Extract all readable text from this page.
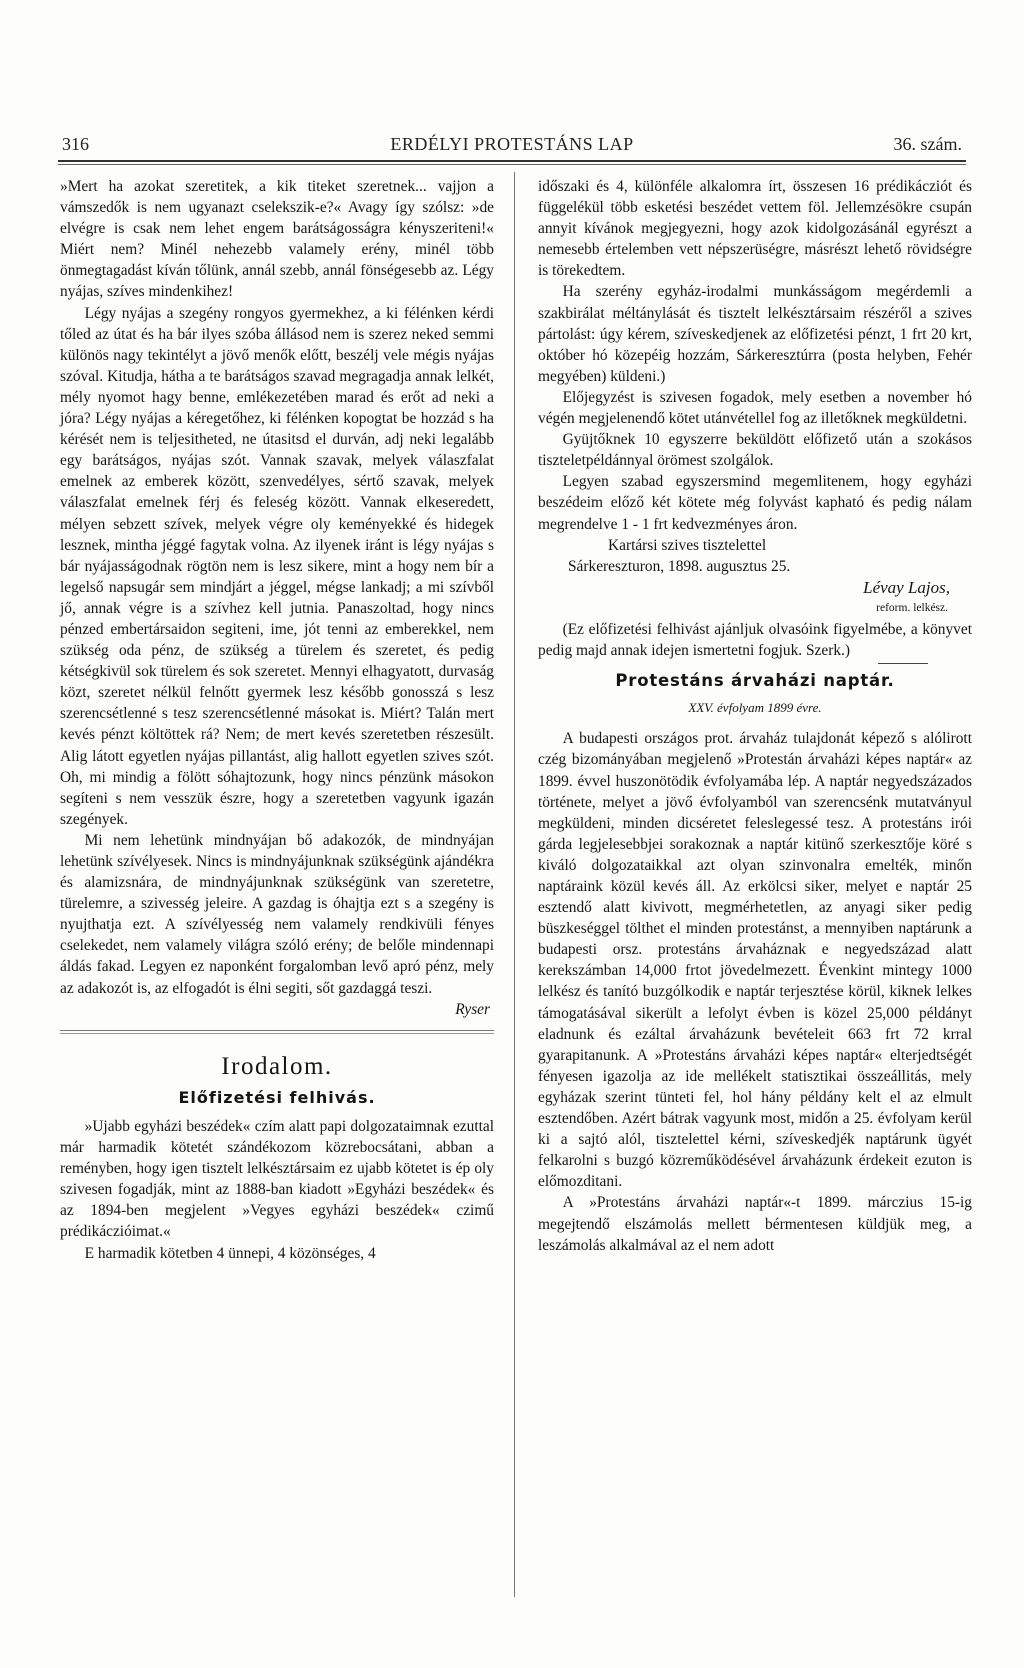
316	ERDÉLYI PROTESTÁNS LAP	36. szám.

»Mert ha azokat szeretitek, a kik titeket szeretnek... vajjon a vámszedők is nem ugyanazt cselekszik-e?« Avagy így szólsz: »de elvégre is csak nem lehet engem barátságosságra kényszeriteni!« Miért nem? Minél nehezebb valamely erény, minél több önmegtagadást kíván tőlünk, annál szebb, annál fönségesebb az. Légy nyájas, szíves mindenkihez!

Légy nyájas a szegény rongyos gyermekhez, a ki félénken kérdi tőled az útat és ha bár ilyes szóba állásod nem is szerez neked semmi különös nagy tekintélyt a jövő menők előtt, beszélj vele mégis nyájas szóval. Kitudja, hátha a te barátságos szavad megragadja annak lelkét, mély nyomot hagy benne, emlékezetében marad és erőt ad neki a jóra? Légy nyájas a kéregetőhez, ki félénken kopogtat be hozzád s ha kérését nem is teljesitheted, ne útasitsd el durván, adj neki legalább egy barátságos, nyájas szót. Vannak szavak, melyek válaszfalat emelnek az emberek között, szenvedélyes, sértő szavak, melyek válaszfalat emelnek férj és feleség között. Vannak elkeseredett, mélyen sebzett szívek, melyek végre oly keményekké és hidegek lesznek, mintha jéggé fagytak volna. Az ilyenek iránt is légy nyájas s bár nyájasságodnak rögtön nem is lesz sikere, mint a hogy nem bír a legelső napsugár sem mindjárt a jéggel, mégse lankadj; a mi szívből jő, annak végre is a szívhez kell jutnia. Panaszoltad, hogy nincs pénzed embertársaidon segiteni, ime, jót tenni az emberekkel, nem szükség oda pénz, de szükség a türelem és szeretet, és pedig kétségkivül sok türelem és sok szeretet. Mennyi elhagyatott, durvaság közt, szeretet nélkül felnőtt gyermek lesz később gonosszá s lesz szerencsétlenné s tesz szerencsétlenné másokat is. Miért? Talán mert kevés pénzt költöttek rá? Nem; de mert kevés szeretetben részesült. Alig látott egyetlen nyájas pillantást, alig hallott egyetlen szives szót. Oh, mi mindig a fölött sóhajtozunk, hogy nincs pénzünk másokon segíteni s nem vesszük észre, hogy a szeretetben vagyunk igazán szegények.

Mi nem lehetünk mindnyájan bő adakozók, de mindnyájan lehetünk szívélyesek. Nincs is mindnyájunknak szükségünk ajándékra és alamizsnára, de mindnyájunknak szükségünk van szeretetre, türelemre, a szivesség jeleire. A gazdag is óhajtja ezt s a szegény is nyujthatja ezt. A szívélyesség nem valamely rendkivüli fényes cselekedet, nem valamely világra szóló erény; de belőle mindennapi áldás fakad. Legyen ez naponként forgalomban levő apró pénz, mely az adakozót is, az elfogadót is élni segiti, sőt gazdaggá teszi.

Ryser

Irodalom.
Előfizetési felhivás.

»Ujabb egyházi beszédek« czím alatt papi dolgozataimnak ezuttal már harmadik kötetét szándékozom közrebocsátani, abban a reményben, hogy igen tisztelt lelkésztársaim ez ujabb kötetet is ép oly szivesen fogadják, mint az 1888-ban kiadott »Egyházi beszédek« és az 1894-ben megjelent »Vegyes egyházi beszédek« czimű prédikáczióimat.«

E harmadik kötetben 4 ünnepi, 4 közönséges, 4

időszaki és 4, különféle alkalomra írt, összesen 16 prédikácziót és függelékül több esketési beszédet vettem föl. Jellemzésökre csupán annyit kívánok megjegyezni, hogy azok kidolgozásánál egyrészt a nemesebb értelemben vett népszerüségre, másrészt lehető rövidségre is törekedtem.

Ha szerény egyház-irodalmi munkásságom megérdemli a szakbirálat méltánylását és tisztelt lelkésztársaim részéről a szives pártolást: úgy kérem, szíveskedjenek az előfizetési pénzt, 1 frt 20 krt, október hó közepéig hozzám, Sárkeresztúrra (posta helyben, Fehér megyében) küldeni.)

Előjegyzést is szivesen fogadok, mely esetben a november hó végén megjelenendő kötet utánvétellel fog az illetőknek megküldetni.

Gyüjtőknek 10 egyszerre beküldött előfizető után a szokásos tiszteletpéldánnyal örömest szolgálok.

Legyen szabad egyszersmind megemlitenem, hogy egyházi beszédeim előző két kötete még folyvást kapható és pedig nálam megrendelve 1 - 1 frt kedvezményes áron.

Kartársi szives tisztelettel

Sárkereszturon, 1898. augusztus 25.

Lévay Lajos,

reform. lelkész.

(Ez előfizetési felhivást ajánljuk olvasóink figyelmébe, a könyvet pedig majd annak idejen ismertetni fogjuk. Szerk.)

Protestáns árvaházi naptár.
XXV. évfolyam 1899 évre.

A budapesti országos prot. árvaház tulajdonát képező s alólirott czég bizományában megjelenő »Protestán árvaházi képes naptár« az 1899. évvel huszonötödik évfolyamába lép. A naptár negyedszázados története, melyet a jövő évfolyamból van szerencsénk mutatványul megküldeni, minden dicséretet feleslegessé tesz. A protestáns irói gárda legjelesebbjei sorakoznak a naptár kitünő szerkesztője köré s kiváló dolgozataikkal azt olyan szinvonalra emelték, minőn naptáraink közül kevés áll. Az erkölcsi siker, melyet e naptár 25 esztendő alatt kivivott, megmérhetetlen, az anyagi siker pedig büszkeséggel tölthet el minden protestánst, a mennyiben naptárunk a budapesti orsz. protestáns árvaháznak e negyedszázad alatt kerekszámban 14,000 frtot jövedelmezett. Évenkint mintegy 1000 lelkész és tanító buzgólkodik e naptár terjesztése körül, kiknek lelkes támogatásával sikerült a lefolyt évben is közel 25,000 példányt eladnunk és ezáltal árvaházunk bevételeit 663 frt 72 krral gyarapitanunk. A »Protestáns árvaházi képes naptár« elterjedtségét fényesen igazolja az ide mellékelt statisztikai összeállitás, mely egyházak szerint tünteti fel, hol hány példány kelt el az elmult esztendőben. Azért bátrak vagyunk most, midőn a 25. évfolyam kerül ki a sajtó alól, tisztelettel kérni, szíveskedjék naptárunk ügyét felkarolni s buzgó közreműködésével árvaházunk érdekeit ezuton is előmozditani.

A »Protestáns árvaházi naptár«-t 1899. márczius 15-ig megejtendő elszámolás mellett bérmentesen küldjük meg, a leszámolás alkalmával az el nem adott
